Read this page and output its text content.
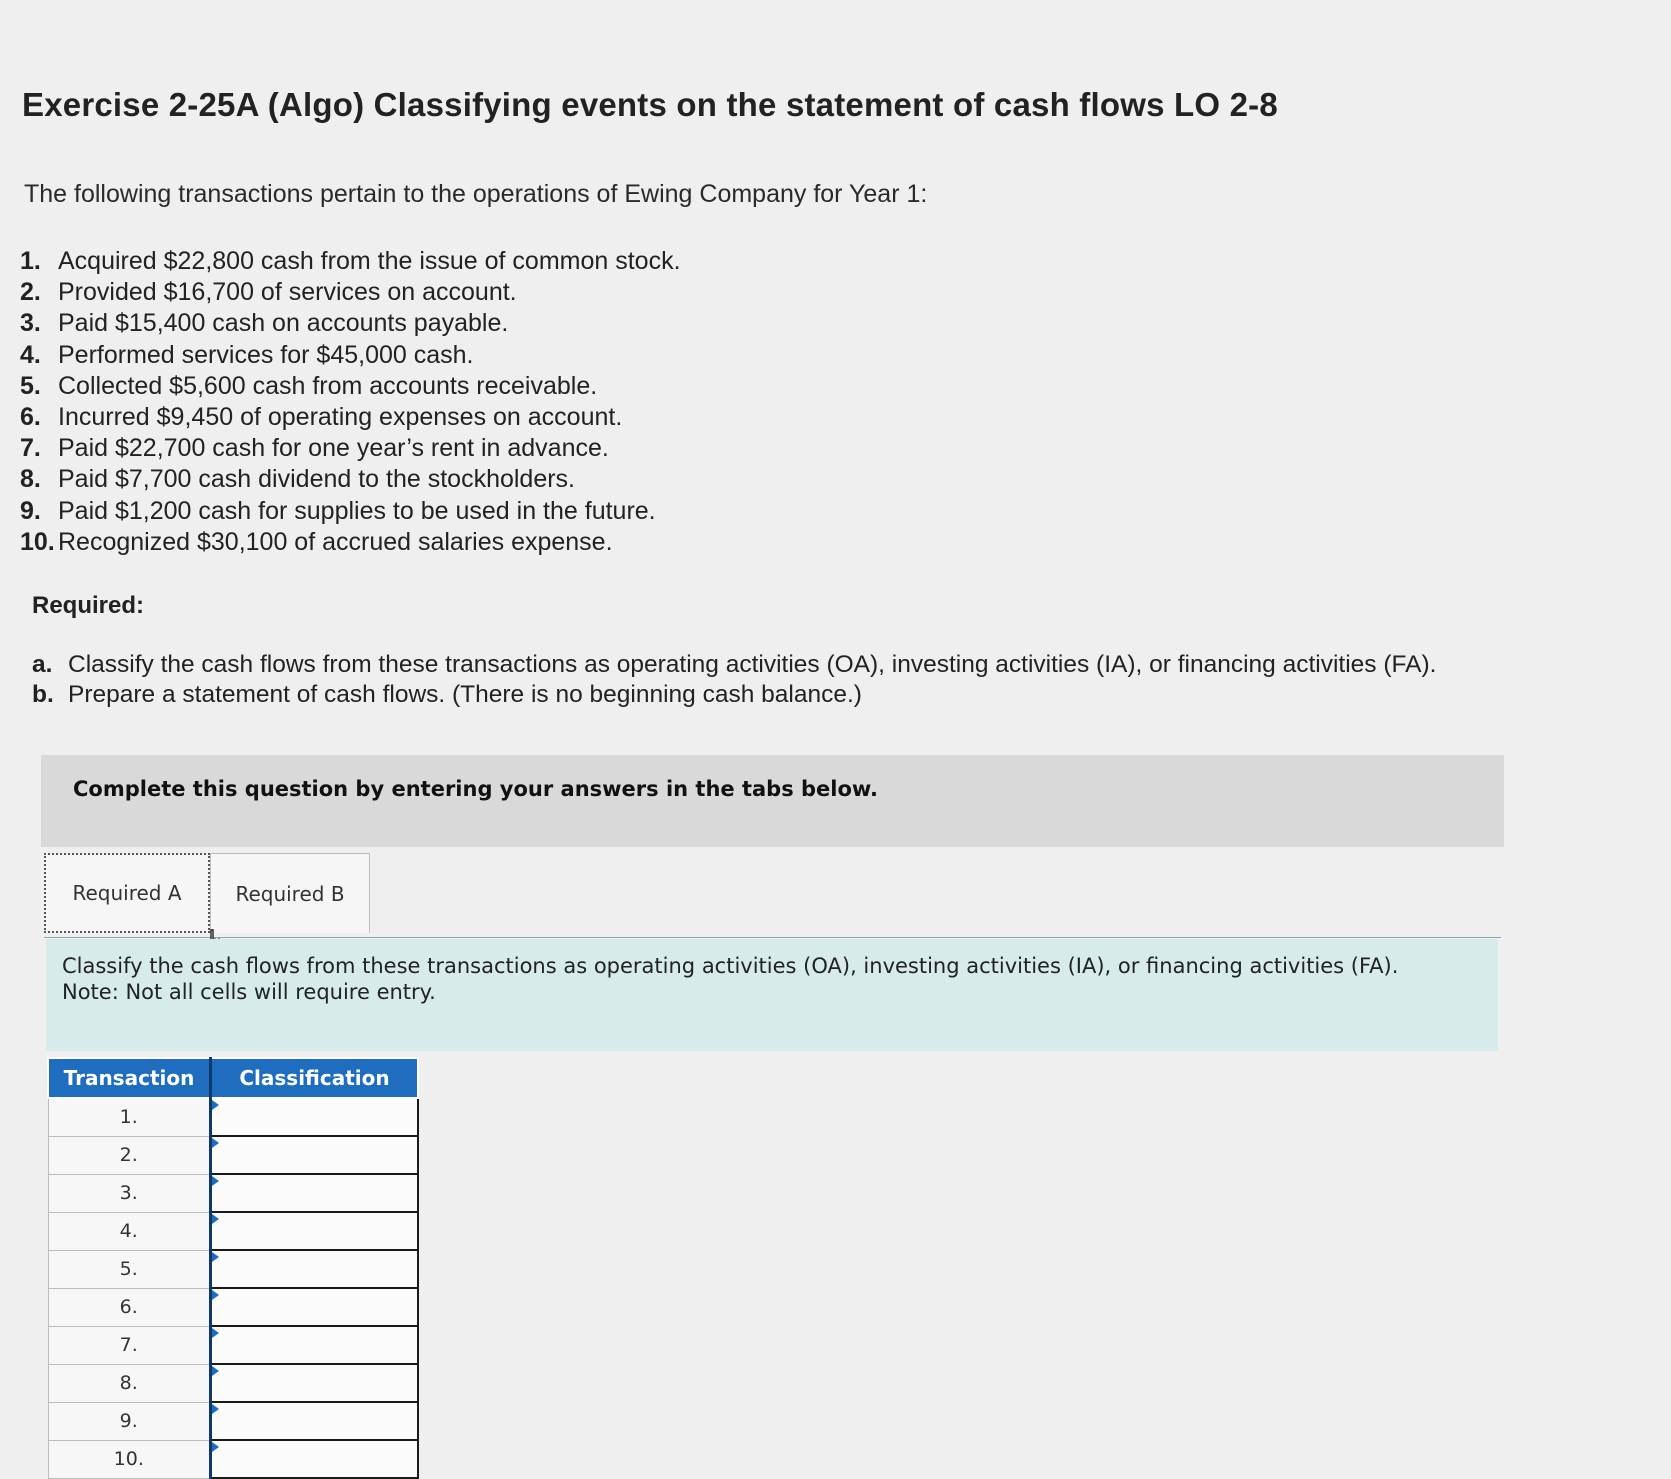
Exercise 2-25A (Algo) Classifying events on the statement of cash flows LO 2-8
The following transactions pertain to the operations of Ewing Company for Year 1:
1. Acquired $22,800 cash from the issue of common stock.
2. Provided $16,700 of services on account.
3. Paid $15,400 cash on accounts payable.
4. Performed services for $45,000 cash.
5. Collected $5,600 cash from accounts receivable.
6. Incurred $9,450 of operating expenses on account.
7. Paid $22,700 cash for one year’s rent in advance.
8. Paid $7,700 cash dividend to the stockholders.
9. Paid $1,200 cash for supplies to be used in the future.
10. Recognized $30,100 of accrued salaries expense.
Required:
a. Classify the cash flows from these transactions as operating activities (OA), investing activities (IA), or financing activities (FA).
b. Prepare a statement of cash flows. (There is no beginning cash balance.)
Complete this question by entering your answers in the tabs below.
Required A	Required B
Classify the cash flows from these transactions as operating activities (OA), investing activities (IA), or financing activities (FA).
Note: Not all cells will require entry.
Transaction	Classification
1.	
2.	
3.	
4.	
5.	
6.	
7.	
8.	
9.	
10.	
